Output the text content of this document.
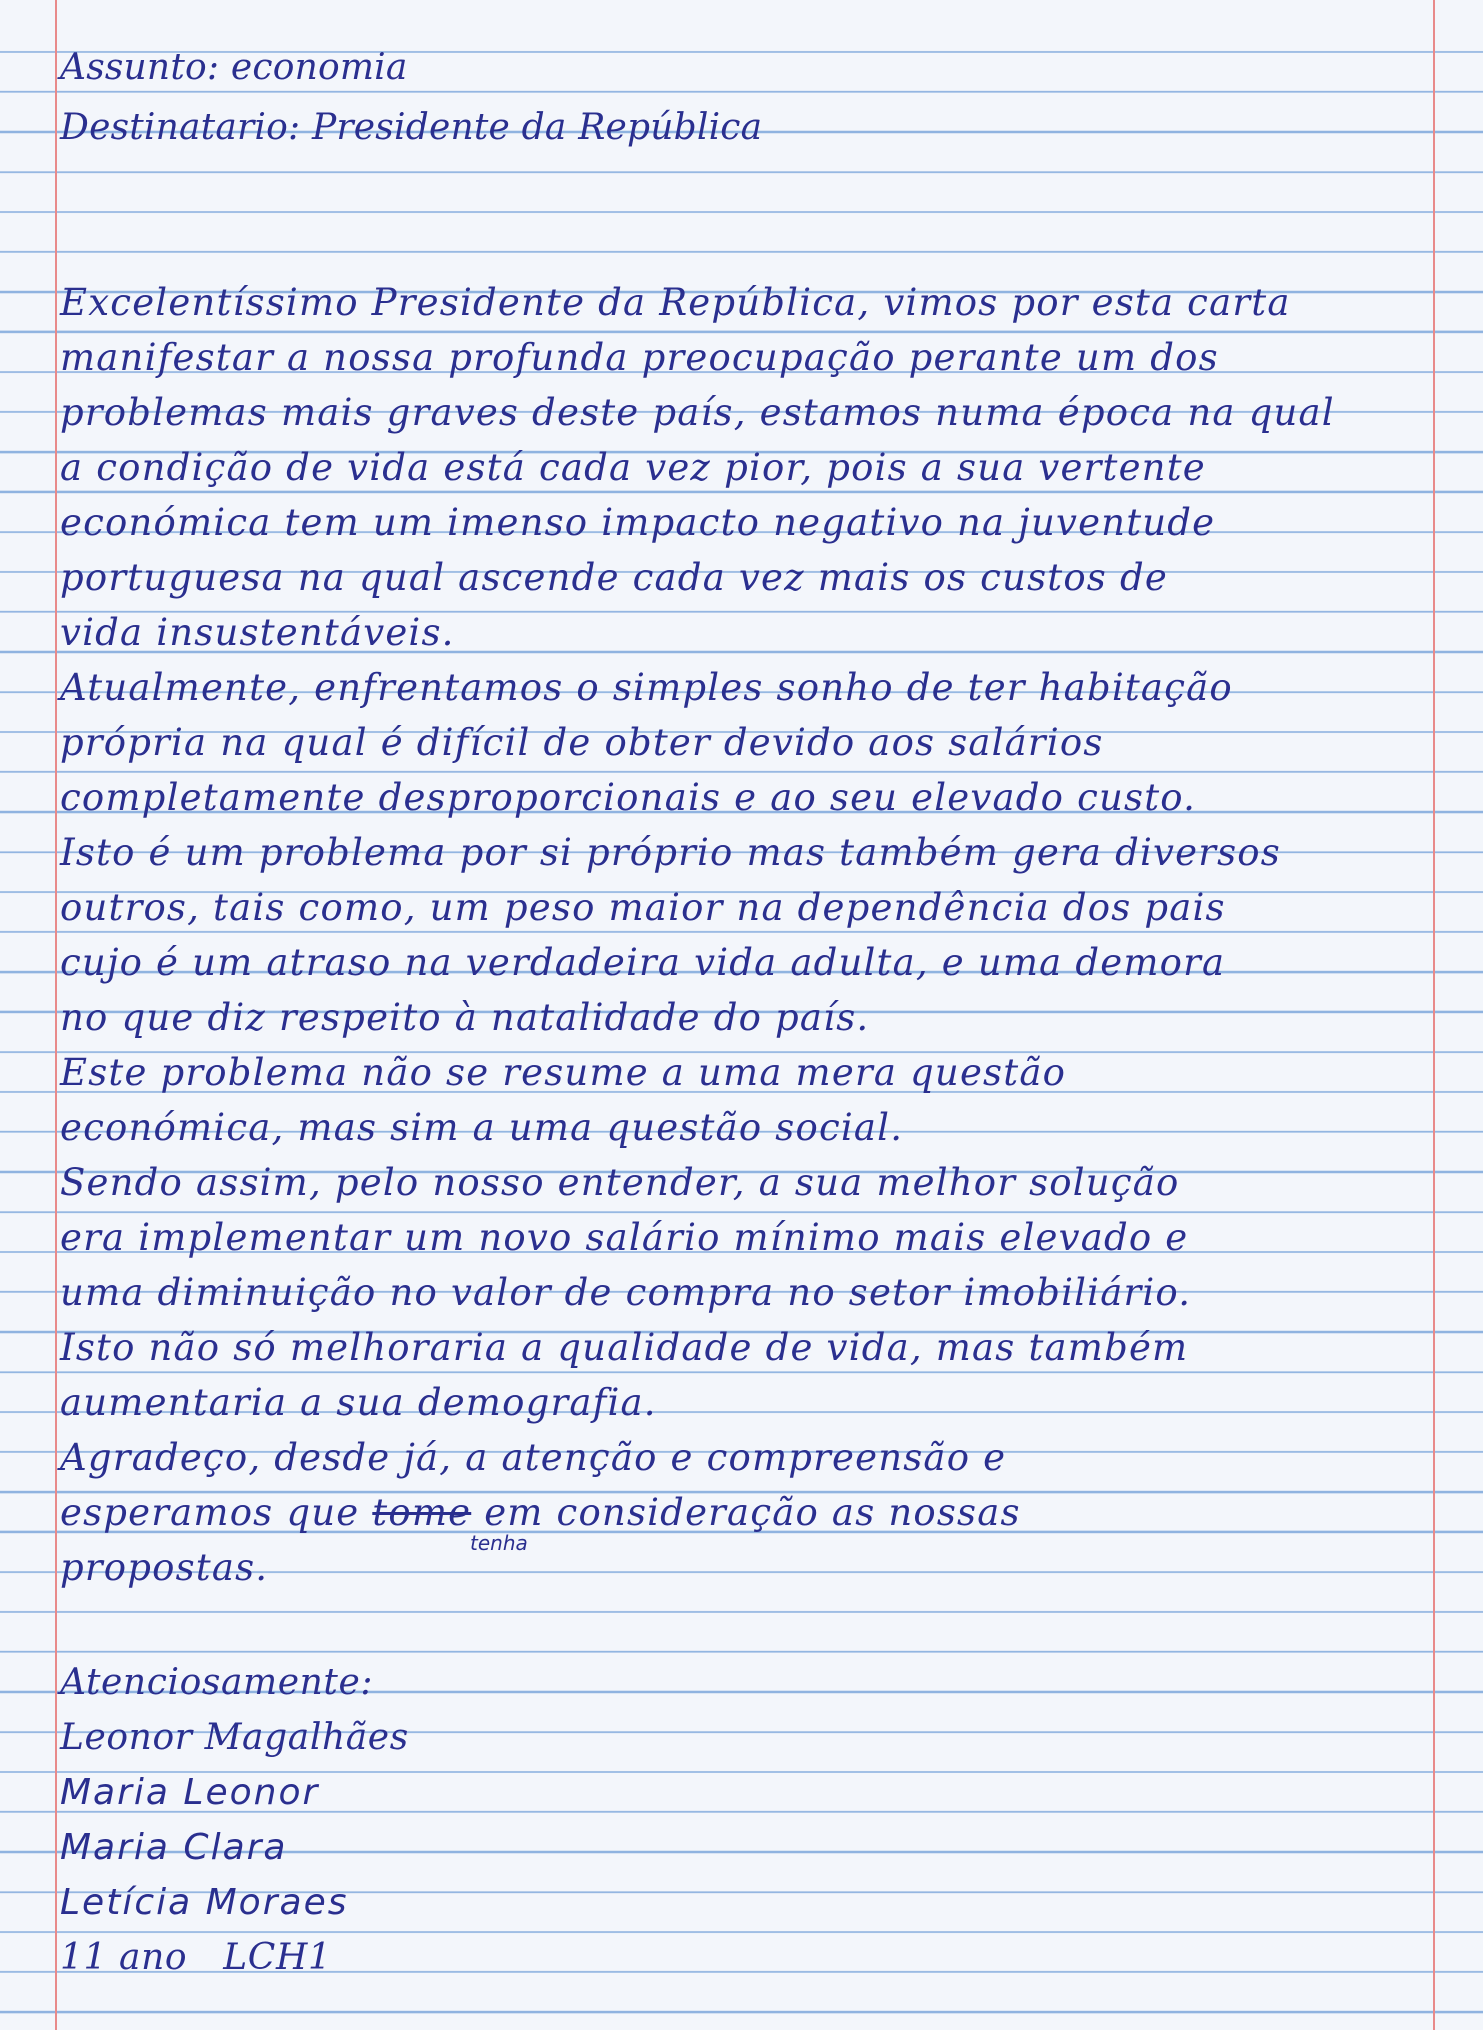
Assunto: economia
Destinatario: Presidente da República
Excelentíssimo Presidente da República, vimos por esta carta
manifestar a nossa profunda preocupação perante um dos
problemas mais graves deste país, estamos numa época na qual
a condição de vida está cada vez pior, pois a sua vertente
económica tem um imenso impacto negativo na juventude
portuguesa na qual ascende cada vez mais os custos de
vida insustentáveis.
Atualmente, enfrentamos o simples sonho de ter habitação
própria na qual é difícil de obter devido aos salários
completamente desproporcionais e ao seu elevado custo.
Isto é um problema por si próprio mas também gera diversos
outros, tais como, um peso maior na dependência dos pais
cujo é um atraso na verdadeira vida adulta, e uma demora
no que diz respeito à natalidade do país.
Este problema não se resume a uma mera questão
económica, mas sim a uma questão social.
Sendo assim, pelo nosso entender, a sua melhor solução
era implementar um novo salário mínimo mais elevado e
uma diminuição no valor de compra no setor imobiliário.
Isto não só melhoraria a qualidade de vida, mas também
aumentaria a sua demografia.
Agradeço, desde já, a atenção e compreensão e
esperamos que tome em consideração as nossas
tenha
propostas.
Atenciosamente:
Leonor Magalhães
Maria Leonor
Maria Clara
Letícia Moraes
11 ano   LCH1
